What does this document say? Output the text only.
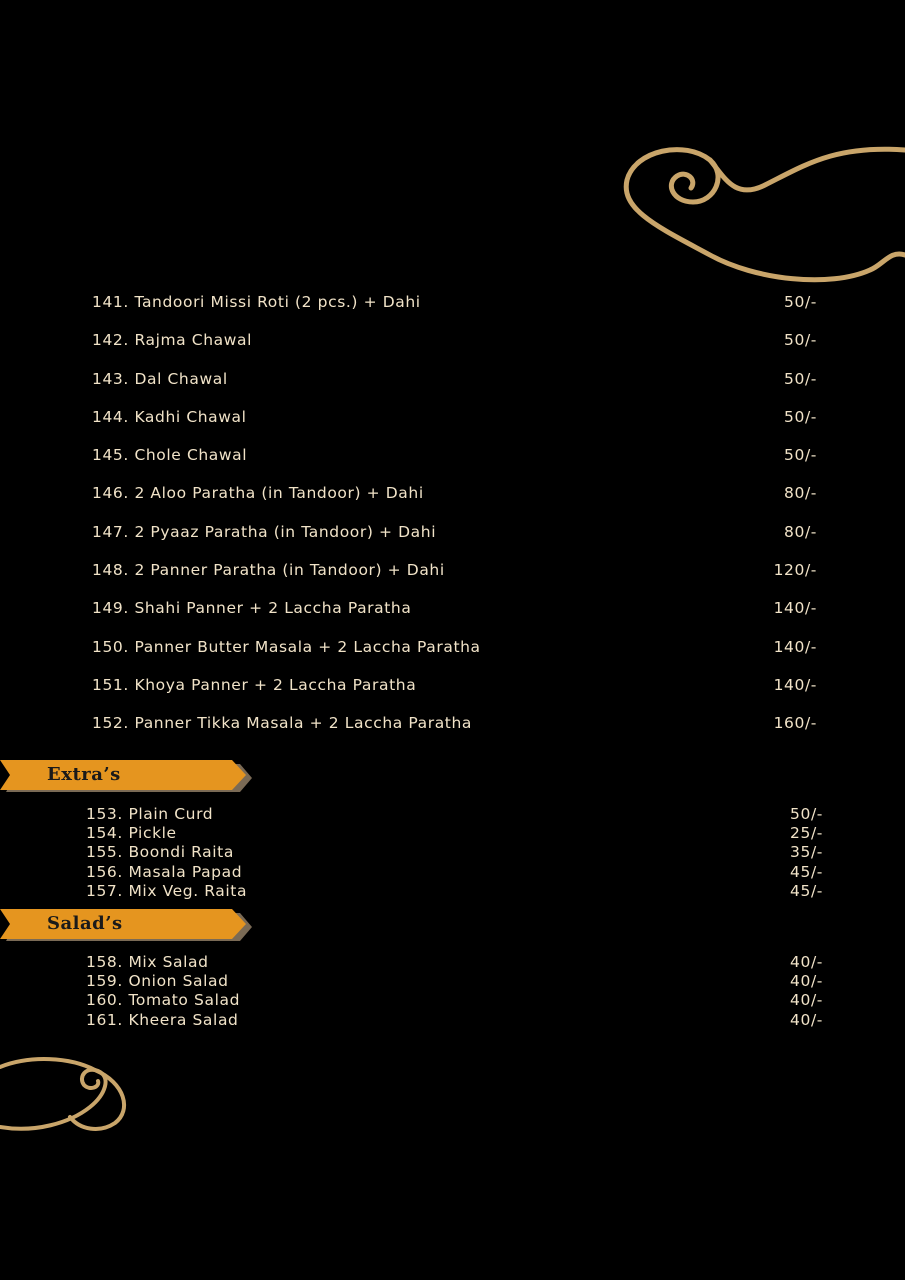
141. Tandoori Missi Roti (2 pcs.) + Dahi	50/-
142. Rajma Chawal	50/-
143. Dal Chawal	50/-
144. Kadhi Chawal	50/-
145. Chole Chawal	50/-
146. 2 Aloo Paratha (in Tandoor) + Dahi	80/-
147. 2 Pyaaz Paratha (in Tandoor) + Dahi	80/-
148. 2 Panner Paratha (in Tandoor) + Dahi	120/-
149. Shahi Panner + 2 Laccha Paratha	140/-
150. Panner Butter Masala + 2 Laccha Paratha	140/-
151. Khoya Panner + 2 Laccha Paratha	140/-
152. Panner Tikka Masala + 2 Laccha Paratha	160/-
Extra’s
153. Plain Curd	50/-
154. Pickle	25/-
155. Boondi Raita	35/-
156. Masala Papad	45/-
157. Mix Veg. Raita	45/-
Salad’s
158. Mix Salad	40/-
159. Onion Salad	40/-
160. Tomato Salad	40/-
161. Kheera Salad	40/-
